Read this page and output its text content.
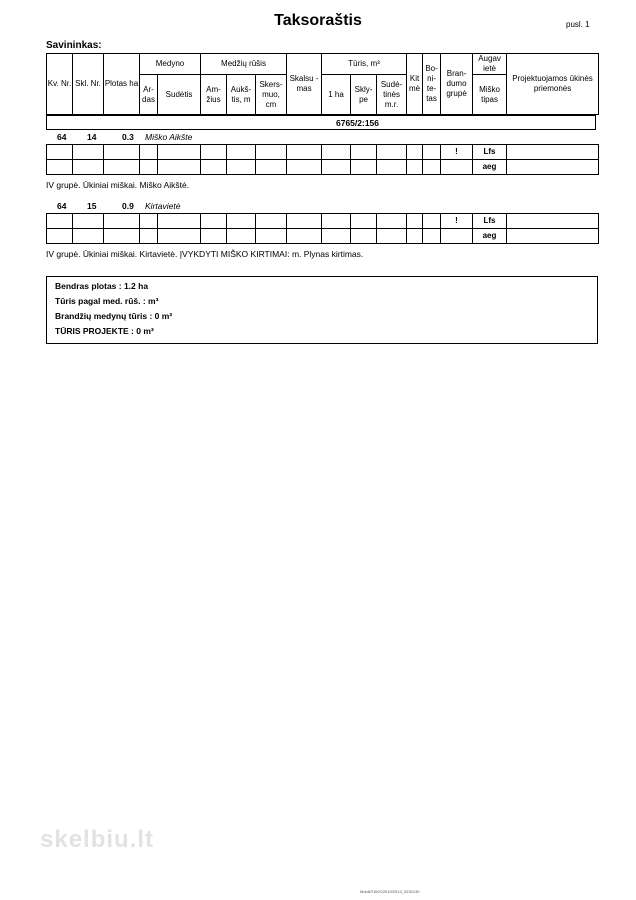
Taksoraštis	pusl. 1
Savininkas:
Kv. Nr.	Skl. Nr.	Plotas ha	Medyno		Medžių rūšis			Skalsu - mas	Tūris, m³			Kit mė	Bo- ni- te- tas	Bran- dumo grupė	Augav ietė	Projektuojamos ūkinės priemonės
			Ar- das	Sudėtis	Am- žius	Aukš- tis, m	Skers- muo, cm		1 ha	Skly- pe	Sudė- tinės m.r.				Miško tipas	
6765/2:156
64 14	0.3 Miško Aikšte
														!	Lfs	
															aeg	
IV grupė. Ūkiniai miškai. Miško Aikštė.
64 15	0.9 Kirtavietė
														!	Lfs	
															aeg	
IV grupė. Ūkiniai miškai. Kirtavietė. ĮVYKDYTI MIŠKO KIRTIMAI: m. Plynas kirtimas.
Bendras plotas : 1.2 ha
Tūris pagal med. rūš. : m³
Brandžių medynų tūris : 0 m³
TŪRIS PROJEKTE : 0 m³
skelbiu.lt
Mobili/TAKS/2019/2013_3230130
